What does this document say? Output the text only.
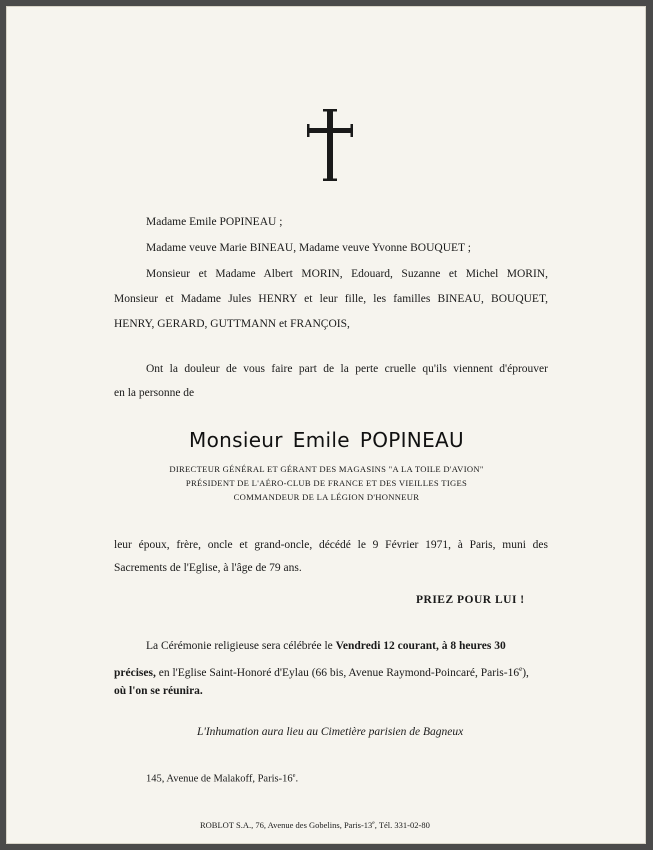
Madame Emile POPINEAU ;
Madame veuve Marie BINEAU, Madame veuve Yvonne BOUQUET ;
Monsieur et Madame Albert MORIN, Edouard, Suzanne et Michel MORIN,
Monsieur et Madame Jules HENRY et leur fille, les familles BINEAU, BOUQUET,
HENRY, GERARD, GUTTMANN et FRANÇOIS,
Ont la douleur de vous faire part de la perte cruelle qu'ils viennent d'éprouver
en la personne de
Monsieur Emile POPINEAU
DIRECTEUR GÉNÉRAL ET GÉRANT DES MAGASINS "A LA TOILE D'AVION"
PRÉSIDENT DE L'AÉRO-CLUB DE FRANCE ET DES VIEILLES TIGES
COMMANDEUR DE LA LÉGION D'HONNEUR
leur époux, frère, oncle et grand-oncle, décédé le 9 Février 1971, à Paris, muni des
Sacrements de l'Eglise, à l'âge de 79 ans.
PRIEZ POUR LUI !
La Cérémonie religieuse sera célébrée le Vendredi 12 courant, à 8 heures 30
précises, en l'Eglise Saint-Honoré d'Eylau (66 bis, Avenue Raymond-Poincaré, Paris-16e),
où l'on se réunira.
L'Inhumation aura lieu au Cimetière parisien de Bagneux
145, Avenue de Malakoff, Paris-16e.
ROBLOT S.A., 76, Avenue des Gobelins, Paris-13e, Tél. 331-02-80
